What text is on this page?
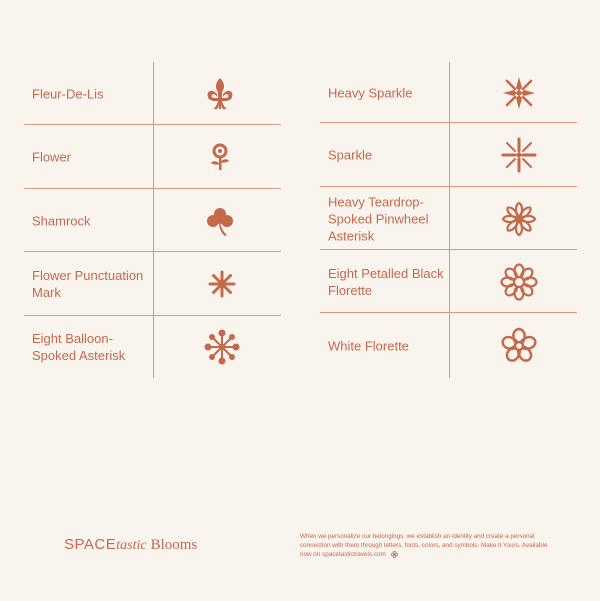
Fleur-De-Lis
Flower
Shamrock
Flower Punctuation Mark
Eight Balloon-Spoked Asterisk
Heavy Sparkle
Sparkle
Heavy Teardrop-Spoked Pinwheel Asterisk
Eight Petalled Black Florette
White Florette
SPACEtastic Blooms
When we personalize our belongings, we establish an identity and create a personal connection with them through letters, fonts, colors, and symbols. Make it Yours. Available now on spacetastictravels.com
